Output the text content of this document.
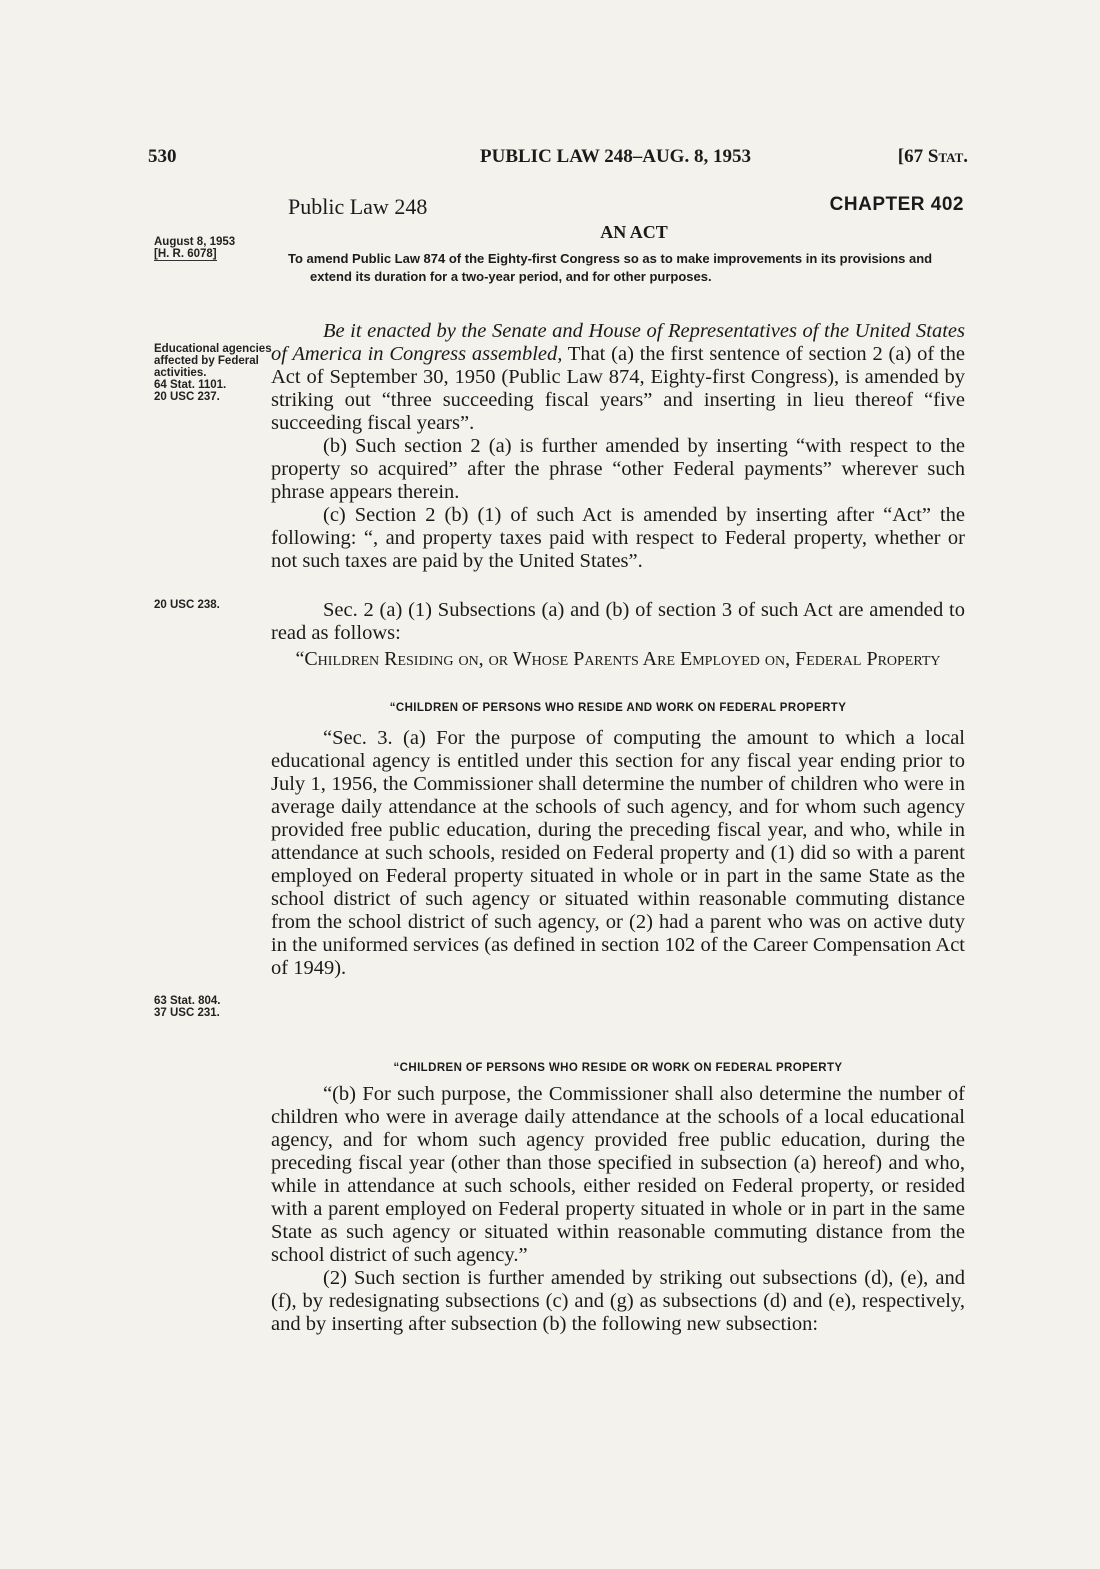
530	PUBLIC LAW 248–AUG. 8, 1953	[67 Stat.
Public Law 248	CHAPTER 402
AN ACT
August 8, 1953
[H. R. 6078]	To amend Public Law 874 of the Eighty-first Congress so as to make improvements in its provisions and extend its duration for a two-year period, and for other purposes.
Educational agencies affected by Federal activities.
64 Stat. 1101.
20 USC 237.

Be it enacted by the Senate and House of Representatives of the United States of America in Congress assembled, That (a) the first sentence of section 2 (a) of the Act of September 30, 1950 (Public Law 874, Eighty-first Congress), is amended by striking out “three succeeding fiscal years” and inserting in lieu thereof “five succeeding fiscal years”.

(b) Such section 2 (a) is further amended by inserting “with respect to the property so acquired” after the phrase “other Federal payments” wherever such phrase appears therein.

(c) Section 2 (b) (1) of such Act is amended by inserting after “Act” the following: “, and property taxes paid with respect to Federal property, whether or not such taxes are paid by the United States”.

20 USC 238.	Sec. 2 (a) (1) Subsections (a) and (b) of section 3 of such Act are amended to read as follows:

“Children Residing on, or Whose Parents Are Employed on, Federal Property
“CHILDREN OF PERSONS WHO RESIDE AND WORK ON FEDERAL PROPERTY

“Sec. 3. (a) For the purpose of computing the amount to which a local educational agency is entitled under this section for any fiscal year ending prior to July 1, 1956, the Commissioner shall determine the number of children who were in average daily attendance at the schools of such agency, and for whom such agency provided free public education, during the preceding fiscal year, and who, while in attendance at such schools, resided on Federal property and (1) did so with a parent employed on Federal property situated in whole or in part in the same State as the school district of such agency or situated within reasonable commuting distance from the school district of such agency, or (2) had a parent who was on active duty in the uniformed services (as defined in section 102 of the Career Compensation Act of 1949).

63 Stat. 804.
37 USC 231.
“CHILDREN OF PERSONS WHO RESIDE OR WORK ON FEDERAL PROPERTY

“(b) For such purpose, the Commissioner shall also determine the number of children who were in average daily attendance at the schools of a local educational agency, and for whom such agency provided free public education, during the preceding fiscal year (other than those specified in subsection (a) hereof) and who, while in attendance at such schools, either resided on Federal property, or resided with a parent employed on Federal property situated in whole or in part in the same State as such agency or situated within reasonable commuting distance from the school district of such agency.”

(2) Such section is further amended by striking out subsections (d), (e), and (f), by redesignating subsections (c) and (g) as subsections (d) and (e), respectively, and by inserting after subsection (b) the following new subsection:
